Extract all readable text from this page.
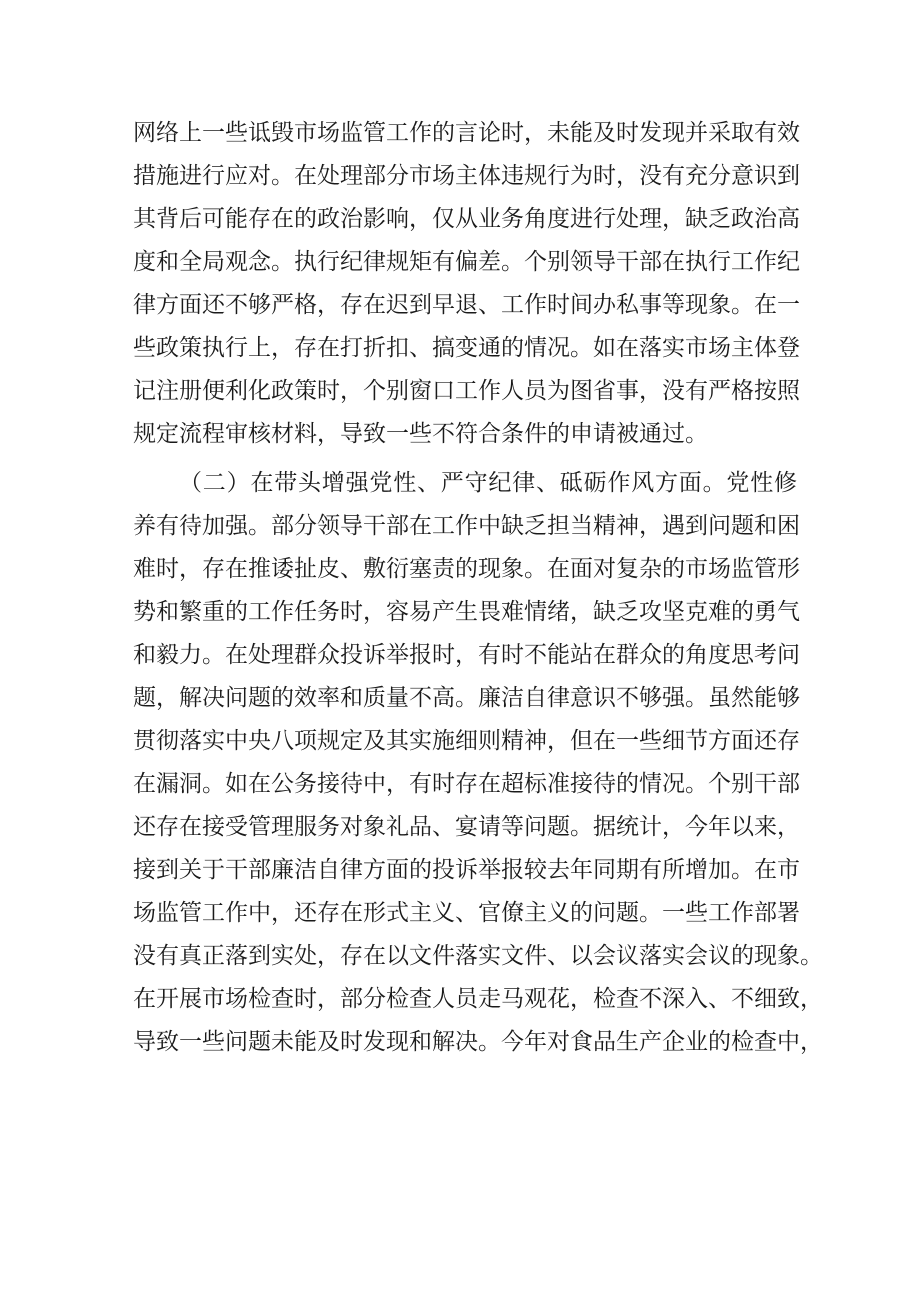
网络上一些诋毁市场监管工作的言论时，未能及时发现并采取有效
措施进行应对。在处理部分市场主体违规行为时，没有充分意识到
其背后可能存在的政治影响，仅从业务角度进行处理，缺乏政治高
度和全局观念。执行纪律规矩有偏差。个别领导干部在执行工作纪
律方面还不够严格，存在迟到早退、工作时间办私事等现象。在一
些政策执行上，存在打折扣、搞变通的情况。如在落实市场主体登
记注册便利化政策时，个别窗口工作人员为图省事，没有严格按照
规定流程审核材料，导致一些不符合条件的申请被通过。
（二）在带头增强党性、严守纪律、砥砺作风方面。党性修
养有待加强。部分领导干部在工作中缺乏担当精神，遇到问题和困
难时，存在推诿扯皮、敷衍塞责的现象。在面对复杂的市场监管形
势和繁重的工作任务时，容易产生畏难情绪，缺乏攻坚克难的勇气
和毅力。在处理群众投诉举报时，有时不能站在群众的角度思考问
题，解决问题的效率和质量不高。廉洁自律意识不够强。虽然能够
贯彻落实中央八项规定及其实施细则精神，但在一些细节方面还存
在漏洞。如在公务接待中，有时存在超标准接待的情况。个别干部
还存在接受管理服务对象礼品、宴请等问题。据统计，今年以来，
接到关于干部廉洁自律方面的投诉举报较去年同期有所增加。在市
场监管工作中，还存在形式主义、官僚主义的问题。一些工作部署
没有真正落到实处，存在以文件落实文件、以会议落实会议的现象。
在开展市场检查时，部分检查人员走马观花，检查不深入、不细致，
导致一些问题未能及时发现和解决。今年对食品生产企业的检查中，
